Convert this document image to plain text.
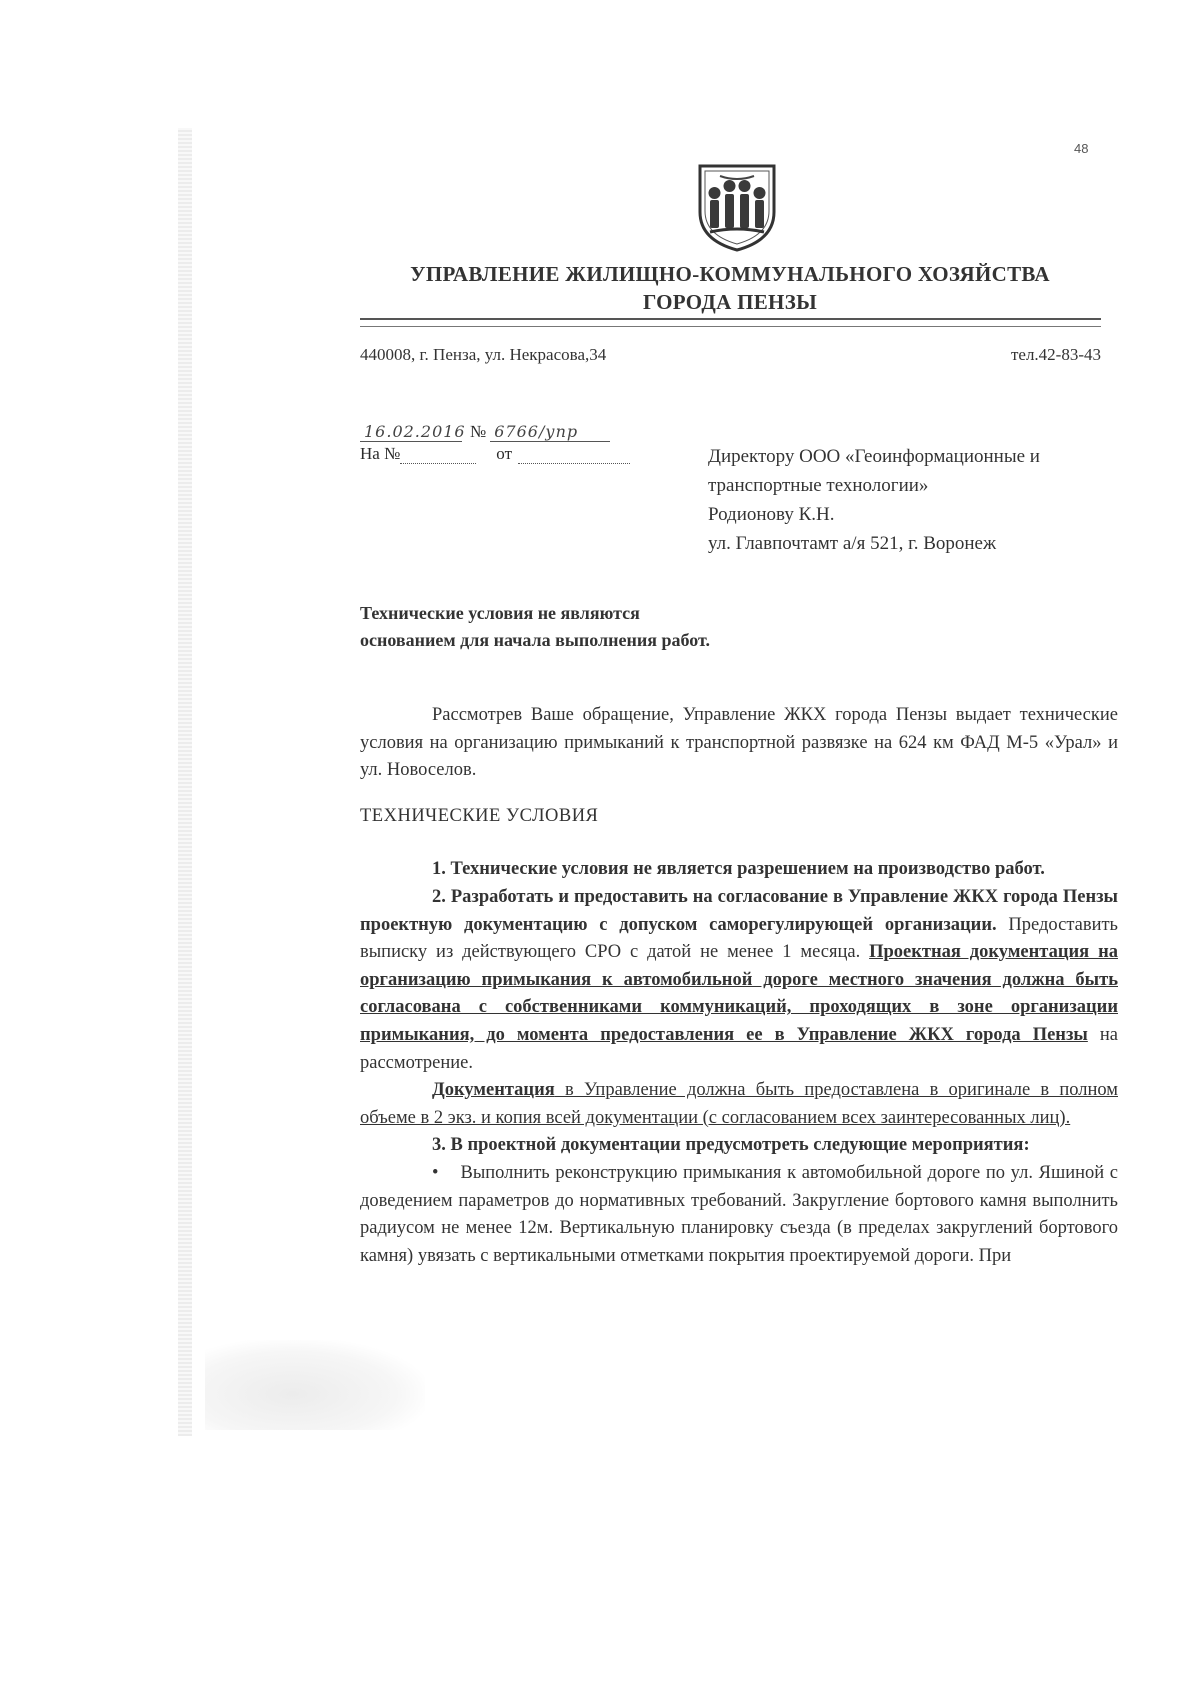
48
УПРАВЛЕНИЕ ЖИЛИЩНО-КОММУНАЛЬНОГО ХОЗЯЙСТВА
ГОРОДА ПЕНЗЫ
440008, г. Пенза, ул. Некрасова,34	тел.42-83-43
16.02.2016 № 6766/упр
На №	от	Директору ООО «Геоинформационные и
транспортные технологии»
Родионову К.Н.
ул. Главпочтамт а/я 521, г. Воронеж
Технические условия не являются
основанием для начала выполнения работ.

Рассмотрев Ваше обращение, Управление ЖКХ города Пензы выдает технические условия на организацию примыканий к транспортной развязке на 624 км ФАД М-5 «Урал» и ул. Новоселов.

ТЕХНИЧЕСКИЕ УСЛОВИЯ

1. Технические условия не является разрешением на производство работ.

2. Разработать и предоставить на согласование в Управление ЖКХ города Пензы проектную документацию с допуском саморегулирующей организации. Предоставить выписку из действующего СРО с датой не менее 1 месяца. Проектная документация на организацию примыкания к автомобильной дороге местного значения должна быть согласована с собственниками коммуникаций, проходящих в зоне организации примыкания, до момента предоставления ее в Управление ЖКХ города Пензы на рассмотрение.

Документация в Управление должна быть предоставлена в оригинале в полном объеме в 2 экз. и копия всей документации (с согласованием всех заинтересованных лиц).

3. В проектной документации предусмотреть следующие мероприятия:

• Выполнить реконструкцию примыкания к автомобильной дороге по ул. Яшиной с доведением параметров до нормативных требований. Закругление бортового камня выполнить радиусом не менее 12м. Вертикальную планировку съезда (в пределах закруглений бортового камня) увязать с вертикальными отметками покрытия проектируемой дороги. При
